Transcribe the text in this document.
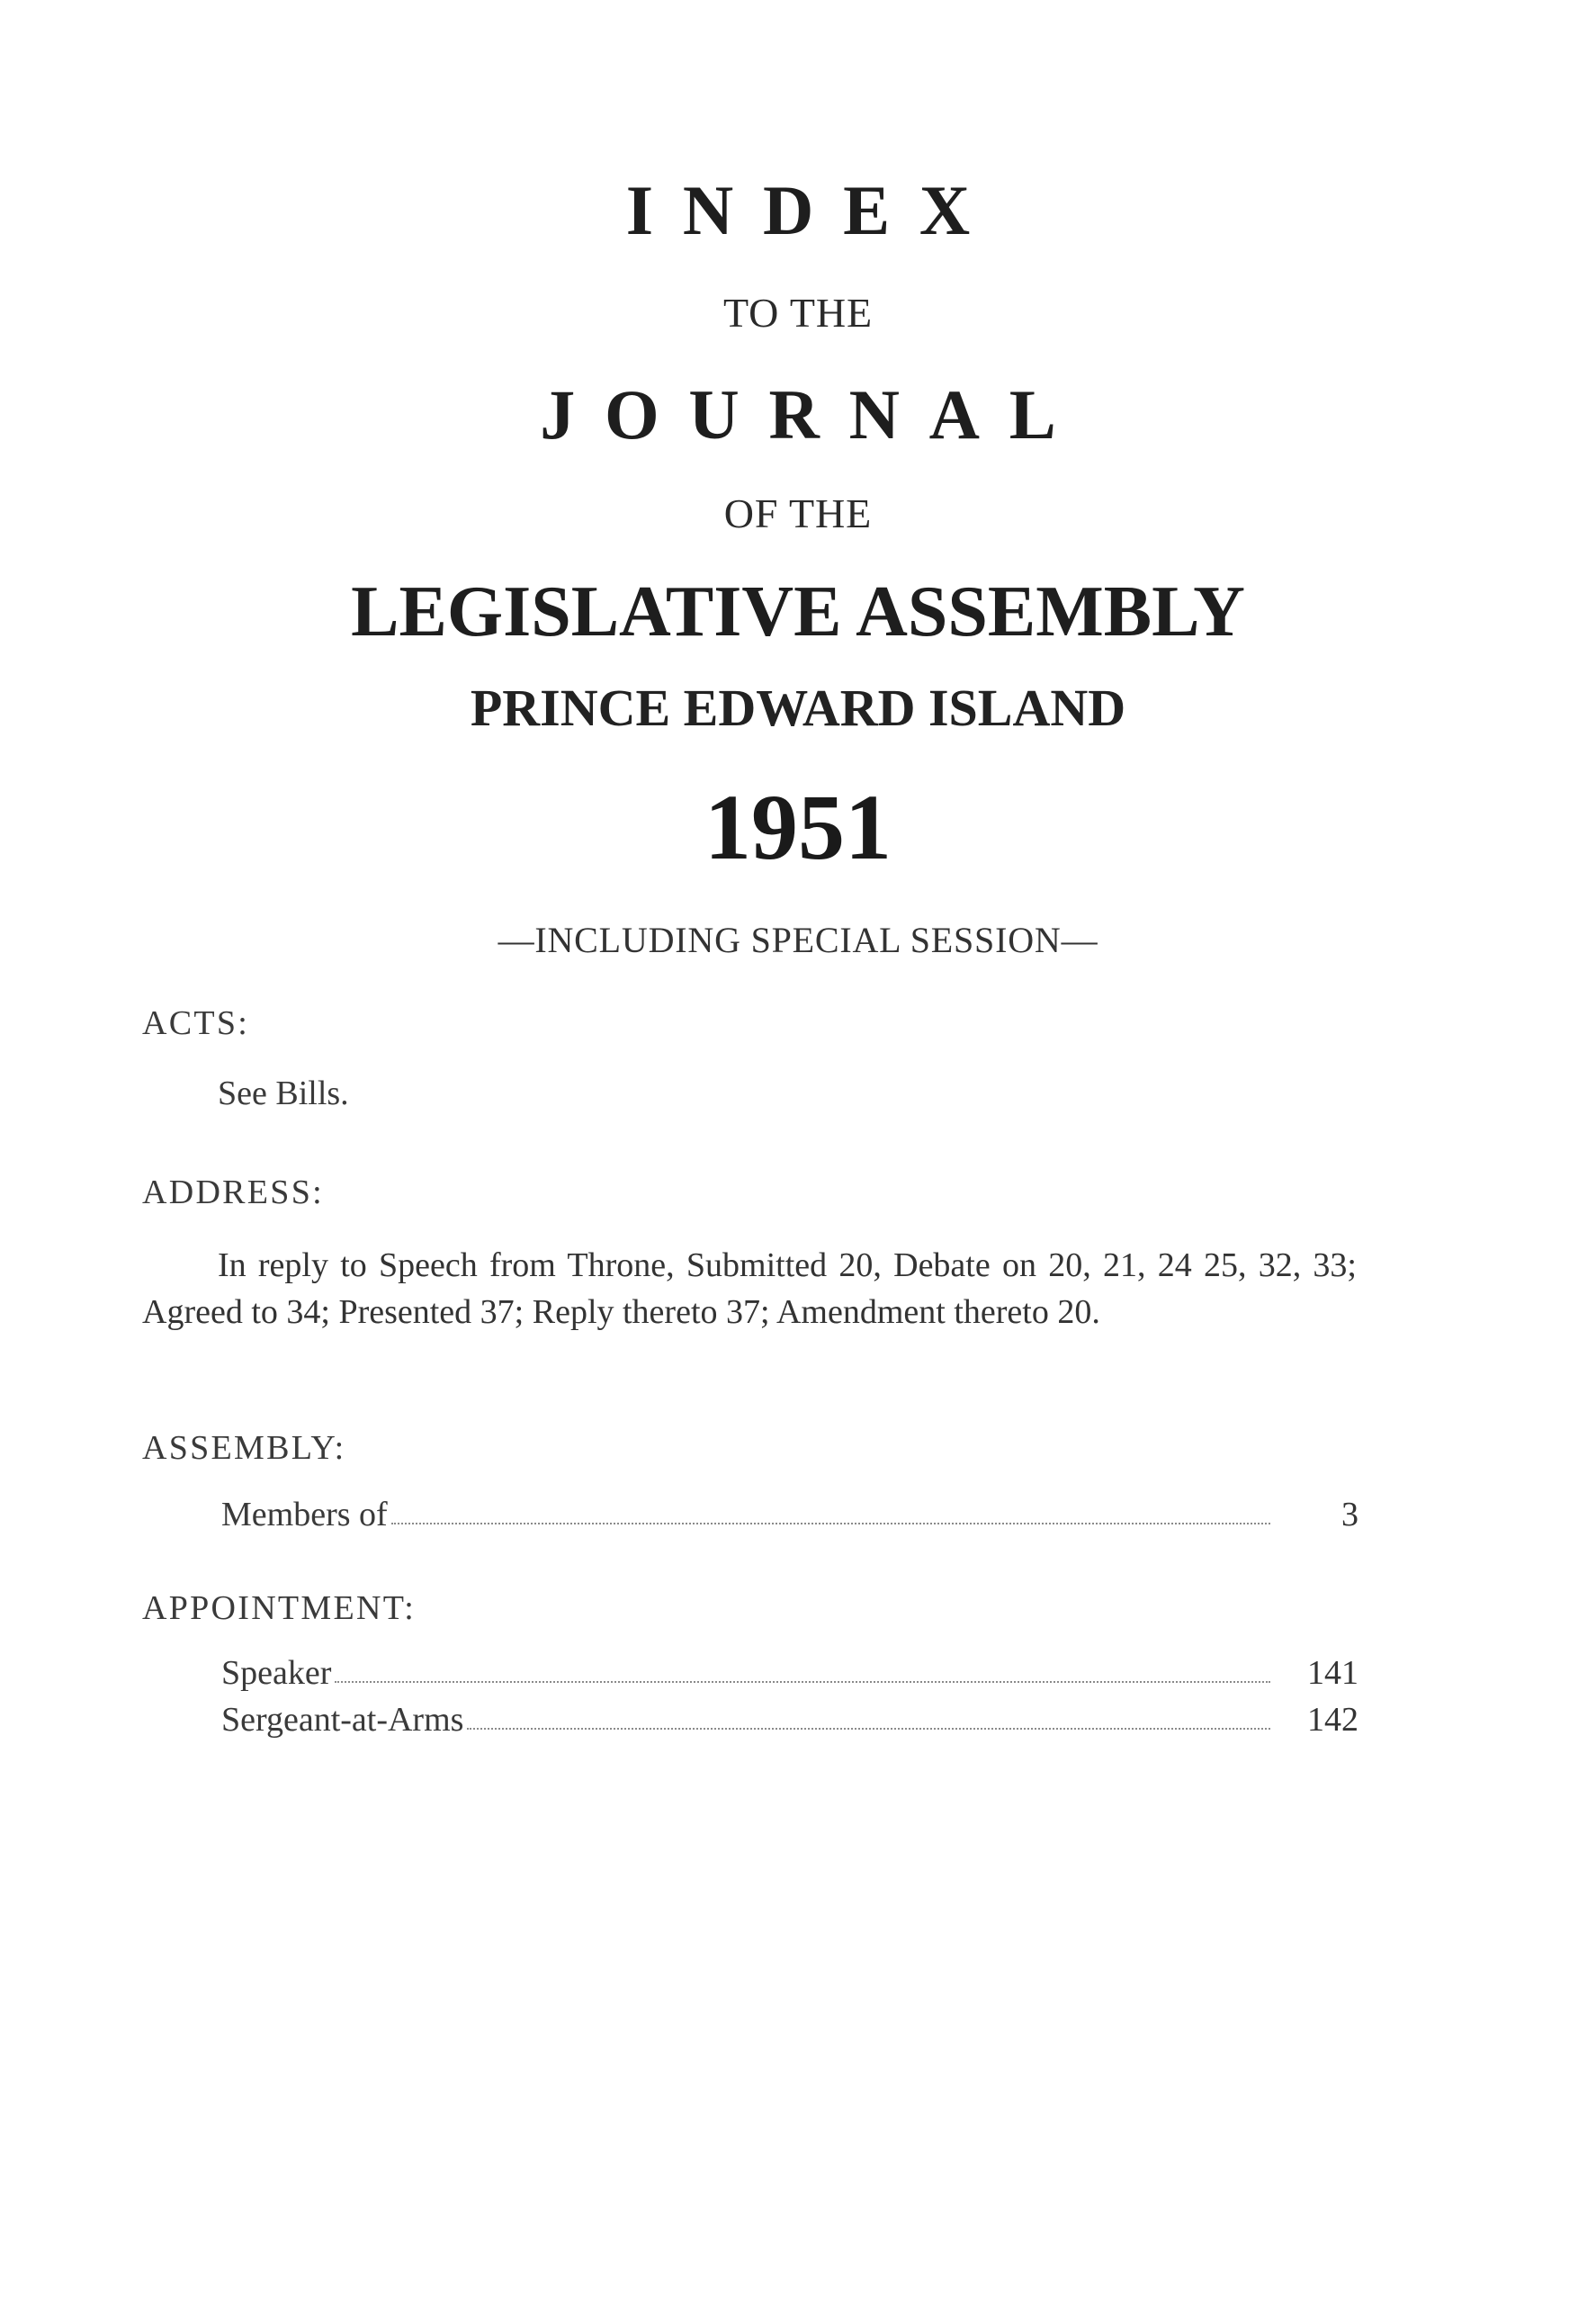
INDEX
TO THE
JOURNAL
OF THE
LEGISLATIVE ASSEMBLY
PRINCE EDWARD ISLAND
1951
—INCLUDING SPECIAL SESSION—
ACTS:
See Bills.
ADDRESS:

In reply to Speech from Throne, Submitted 20, Debate on 20, 21, 24 25, 32, 33; Agreed to 34; Presented 37; Reply thereto 37; Amendment thereto 20.

ASSEMBLY:
Members of	3
APPOINTMENT:
Speaker	141
Sergeant-at-Arms	142
